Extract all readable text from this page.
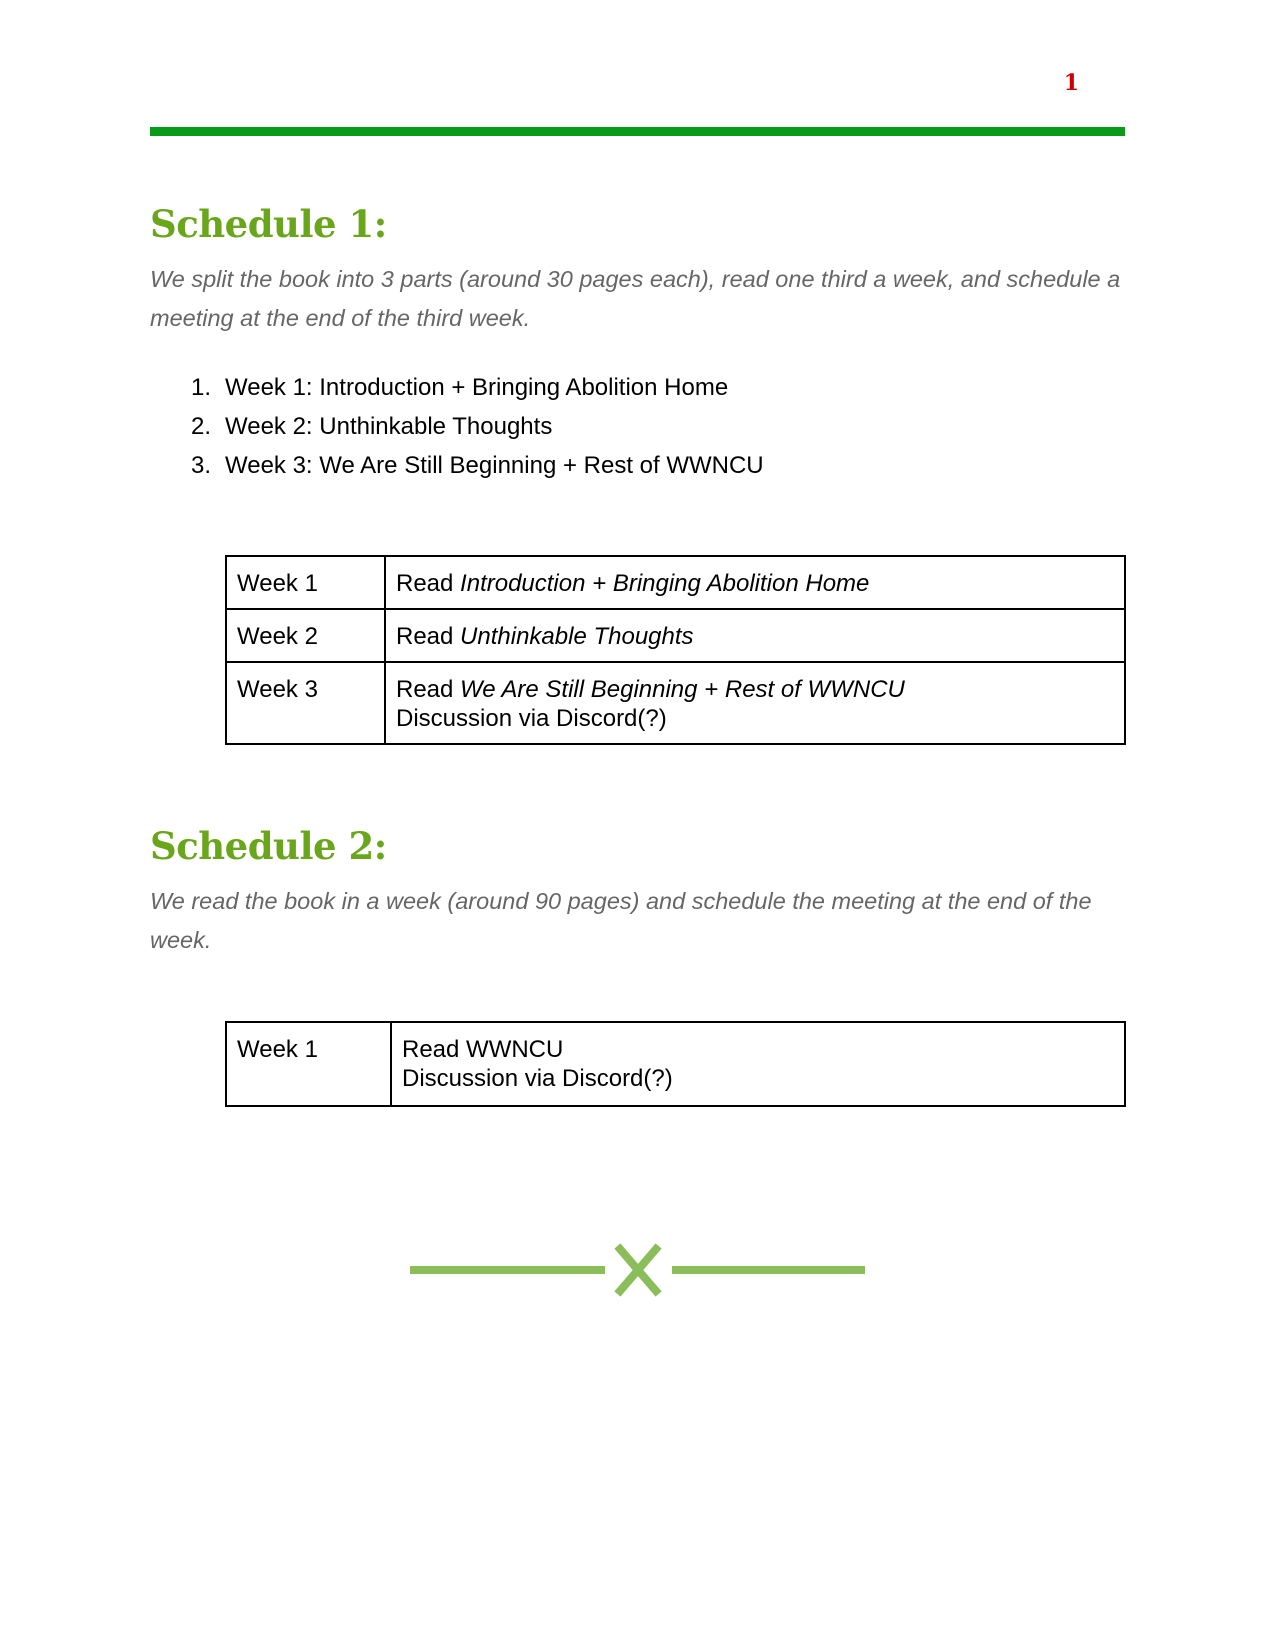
1
Schedule 1:

We split the book into 3 parts (around 30 pages each), read one third a week, and schedule a meeting at the end of the third week.

1. Week 1: Introduction + Bringing Abolition Home
2. Week 2: Unthinkable Thoughts
3. Week 3: We Are Still Beginning + Rest of WWNCU
Week 1	Read Introduction + Bringing Abolition Home

Week 2	Read Unthinkable Thoughts

Week 3	Read We Are Still Beginning + Rest of WWNCU
Discussion via Discord(?)
Schedule 2:

We read the book in a week (around 90 pages) and schedule the meeting at the end of the week.

Week 1	Read WWNCU
Discussion via Discord(?)
